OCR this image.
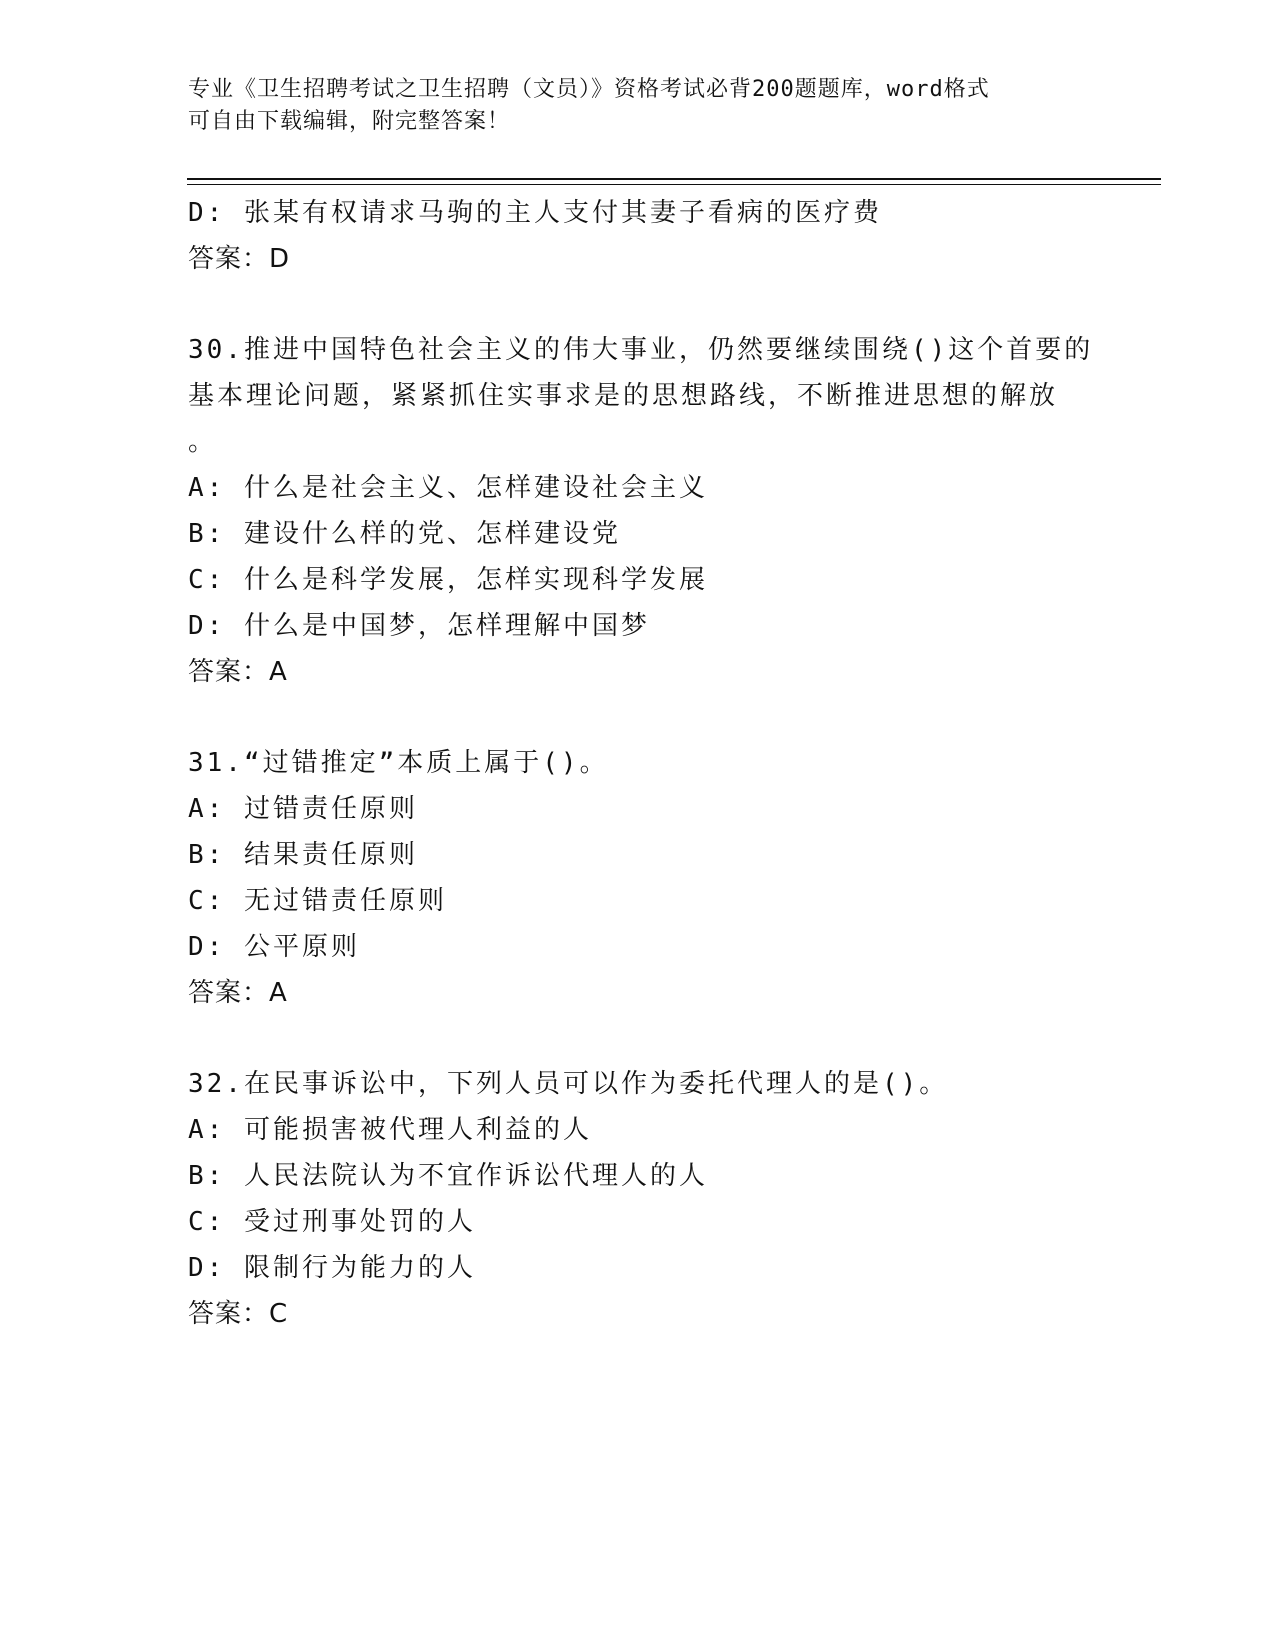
专业《卫生招聘考试之卫生招聘（文员）》资格考试必背200题题库，word格式
可自由下载编辑，附完整答案！
D: 张某有权请求马驹的主人支付其妻子看病的医疗费
答案：D
30.推进中国特色社会主义的伟大事业，仍然要继续围绕()这个首要的
基本理论问题，紧紧抓住实事求是的思想路线，不断推进思想的解放
。
A: 什么是社会主义、怎样建设社会主义
B: 建设什么样的党、怎样建设党
C: 什么是科学发展，怎样实现科学发展
D: 什么是中国梦，怎样理解中国梦
答案：A
31.“过错推定”本质上属于()。
A: 过错责任原则
B: 结果责任原则
C: 无过错责任原则
D: 公平原则
答案：A
32.在民事诉讼中，下列人员可以作为委托代理人的是()。
A: 可能损害被代理人利益的人
B: 人民法院认为不宜作诉讼代理人的人
C: 受过刑事处罚的人
D: 限制行为能力的人
答案：C
